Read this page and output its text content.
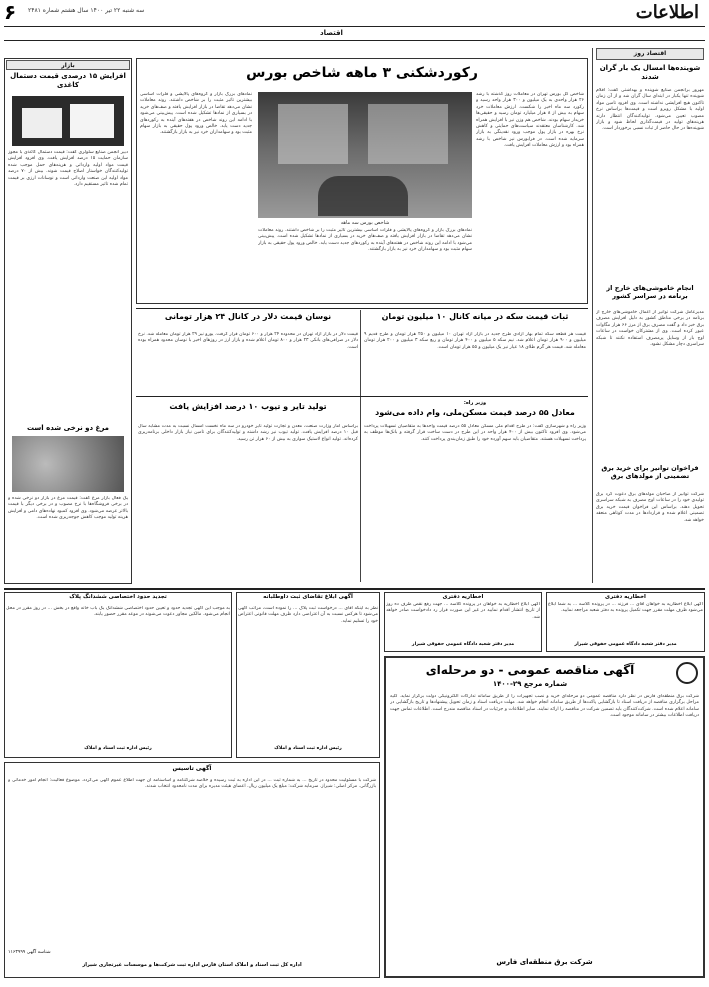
۶ سه شنبه ۲۲ تیر ۱۴۰۰ سال هشتم شماره ۲۴۸۱
اقتصاد
اطلاعات
اقتصاد روز
شوینده‌ها امسال یک بار گران شدند
مهرور برانجمن صنایع شوینده و بهداشتی گفت: اقلام شوینده تنها یکبار در ابتدای سال گران شد و از آن زمان تاکنون هیچ افزایشی نداشته است. وی افزود تامین مواد اولیه با مشکل روبرو است و قیمت‌ها براساس نرخ مصوب تعیین می‌شود. تولیدکنندگان انتظار دارند هزینه‌های تولید در قیمت‌گذاری لحاظ شود و بازار شوینده‌ها در حال حاضر از ثبات نسبی برخوردار است.
انجام خاموشی‌های خارج از برنامه در سراسر کشور
مدیرعامل شرکت توانیر از اعمال خاموشی‌های خارج از برنامه در برخی مناطق کشور به دلیل افزایش مصرف برق خبر داد و گفت مصرف برق از مرز ۶۶ هزار مگاوات عبور کرده است. وی از مشترکان خواست در ساعات اوج بار از وسایل پرمصرف استفاده نکنند تا شبکه سراسری دچار مشکل نشود.
فراخوان توانیر برای خرید برق تضمینی از مولدهای برق
شرکت توانیر از صاحبان مولدهای برق دعوت کرد برق تولیدی خود را در ساعات اوج مصرف به شبکه سراسری تحویل دهند. براساس این فراخوان قیمت خرید برق تضمینی اعلام شده و قراردادها در مدت کوتاهی منعقد خواهد شد.
رکوردشکنی ۳ ماهه شاخص بورس
شاخص کل بورس تهران در معاملات روز گذشته با رشد ۲۶ هزار واحدی به یک میلیون و ۳۰۰ هزار واحد رسید و رکورد سه ماه اخیر را شکست. ارزش معاملات خرد سهام به بیش از ۸ هزار میلیارد تومان رسید و حقیقی‌ها خریدار سهام بودند. شاخص هم وزن نیز با افزایش همراه شد. کارشناسان معتقدند سیاست‌های حمایتی و کاهش نرخ بهره در بازار پول موجب ورود نقدینگی به بازار سرمایه شده است. در فرابورس نیز شاخص با رشد همراه بود و ارزش معاملات افزایش یافت.
شاخص بورس سه ماهه
نمادهای بزرگ بازار و گروه‌های پالایشی و فلزات اساسی بیشترین تاثیر مثبت را بر شاخص داشتند. روند معاملات نشان می‌دهد تقاضا در بازار افزایش یافته و صف‌های خرید در بسیاری از نمادها تشکیل شده است. پیش‌بینی می‌شود با ادامه این روند شاخص در هفته‌های آینده به رکوردهای جدید دست یابد. خالص ورود پول حقیقی به بازار سهام مثبت بود و سهامداران خرد نیز به بازار بازگشتند.
نمادهای بزرگ بازار و گروه‌های پالایشی و فلزات اساسی بیشترین تاثیر مثبت را بر شاخص داشتند. روند معاملات نشان می‌دهد تقاضا در بازار افزایش یافته و صف‌های خرید در بسیاری از نمادها تشکیل شده است. پیش‌بینی می‌شود با ادامه این روند شاخص در هفته‌های آینده به رکوردهای جدید دست یابد. خالص ورود پول حقیقی به بازار سهام مثبت بود و سهامداران خرد نیز به بازار بازگشتند.
بازار
افزایش ۱۵ درصدی قیمت دستمال کاغذی
دبیر انجمن صنایع سلولزی گفت: قیمت دستمال کاغذی با مجوز سازمان حمایت ۱۵ درصد افزایش یافت. وی افزود افزایش قیمت مواد اولیه وارداتی و هزینه‌های حمل موجب شده تولیدکنندگان خواستار اصلاح قیمت شوند. بیش از ۷۰ درصد مواد اولیه این صنعت وارداتی است و نوسانات ارزی بر قیمت تمام شده تاثیر مستقیم دارد.
مرغ دو نرخی شده است
یک فعال بازار مرغ گفت: قیمت مرغ در بازار دو نرخی شده و در برخی فروشگاه‌ها با نرخ مصوب و در برخی دیگر با قیمت بالاتر عرضه می‌شود. وی افزود کمبود نهاده‌های دامی و افزایش هزینه تولید موجب کاهش جوجه‌ریزی شده است.
ثبات قیمت سکه در میانه کانال ۱۰ میلیون تومان
قیمت هر قطعه سکه تمام بهار آزادی طرح جدید در بازار آزاد تهران ۱۰ میلیون و ۲۵۰ هزار تومان و طرح قدیم ۹ میلیون و ۹۰۰ هزار تومان اعلام شد. نیم سکه ۵ میلیون و ۴۰۰ هزار تومان و ربع سکه ۳ میلیون و ۲۰۰ هزار تومان معامله شد. قیمت هر گرم طلای ۱۸ عیار نیز یک میلیون و ۵۵ هزار تومان است.
نوسان قیمت دلار در کانال ۲۴ هزار تومانی
قیمت دلار در بازار آزاد تهران در محدوده ۲۴ هزار و ۶۰۰ تومان قرار گرفت. یورو نیز ۲۹ هزار تومان معامله شد. نرخ دلار در صرافی‌های بانکی ۲۳ هزار و ۸۰۰ تومان اعلام شده و بازار ارز در روزهای اخیر با نوسان محدود همراه بوده است.
وزیر راه:
معادل ۵۵ درصد قیمت مسکن‌ملی، وام داده می‌شود
وزیر راه و شهرسازی گفت: در طرح اقدام ملی مسکن معادل ۵۵ درصد قیمت واحدها به متقاضیان تسهیلات پرداخت می‌شود. وی افزود تاکنون بیش از ۴۰۰ هزار واحد در این طرح در دست ساخت قرار گرفته و بانک‌ها موظف به پرداخت تسهیلات هستند. متقاضیان باید سهم آورده خود را طبق زمان‌بندی پرداخت کنند.
تولید تایر و تیوب ۱۰ درصد افزایش یافت
براساس آمار وزارت صنعت، معدن و تجارت تولید تایر خودرو در سه ماه نخست امسال نسبت به مدت مشابه سال قبل ۱۰ درصد افزایش یافت. تولید تیوب نیز رشد داشته و تولیدکنندگان برای تامین نیاز بازار داخلی برنامه‌ریزی کرده‌اند. تولید انواع لاستیک سواری به بیش از ۶۰ هزار تن رسید.
اخطاریه دفتری
آگهی ابلاغ اخطاریه به خواهان آقای ... فرزند ... در پرونده کلاسه ... به شما ابلاغ می‌شود ظرف مهلت مقرر جهت تکمیل پرونده به دفتر شعبه مراجعه نمایید.
مدیر دفتر شعبه دادگاه عمومی حقوقی شیراز
اخطاریه دفتری
آگهی ابلاغ اخطاریه به خواهان در پرونده کلاسه ... جهت رفع نقص ظرف ده روز از تاریخ انتشار اقدام نمایید در غیر این صورت قرار رد دادخواست صادر خواهد شد.
مدیر دفتر شعبه دادگاه عمومی حقوقی شیراز
آگهی ابلاغ تقاضای ثبت داوطلبانه
نظر به اینکه آقای ... درخواست ثبت پلاک ... را نموده است، مراتب آگهی می‌شود تا هرکس نسبت به آن اعتراضی دارد ظرف مهلت قانونی اعتراض خود را تسلیم نماید.
رئیس اداره ثبت اسناد و املاک
تجدید حدود اختصاصی ششدانگ پلاک
به موجب این آگهی تجدید حدود و تعیین حدود اختصاصی ششدانگ یک باب خانه واقع در بخش ... در روز مقرر در محل انجام می‌شود. مالکین مجاور دعوت می‌شوند در موعد مقرر حضور یابند.
رئیس اداره ثبت اسناد و املاک
آگهی مناقصه عمومی - دو مرحله‌ای
شماره مرجع ۲۹-۱۴۰۰
شرکت برق منطقه‌ای فارس در نظر دارد مناقصه عمومی دو مرحله‌ای خرید و نصب تجهیزات را از طریق سامانه تدارکات الکترونیکی دولت برگزار نماید. کلیه مراحل برگزاری مناقصه از دریافت اسناد تا بازگشایی پاکت‌ها از طریق سامانه انجام خواهد شد. مهلت دریافت اسناد و زمان تحویل پیشنهادها و تاریخ بازگشایی در سامانه اعلام شده است. شرکت‌کنندگان باید تضمین شرکت در مناقصه را ارائه نمایند. سایر اطلاعات و جزئیات در اسناد مناقصه مندرج است. اطلاعات تماس جهت دریافت اطلاعات بیشتر در سامانه موجود است.
شرکت برق منطقه‌ای فارس
آگهی تاسیس
شرکت با مسئولیت محدود در تاریخ ... به شماره ثبت ... در این اداره به ثبت رسیده و خلاصه شرکتنامه و اساسنامه آن جهت اطلاع عموم آگهی می‌گردد. موضوع فعالیت: انجام امور خدماتی و بازرگانی. مرکز اصلی: شیراز. سرمایه شرکت: مبلغ یک میلیون ریال. اعضای هیئت مدیره برای مدت نامحدود انتخاب شدند.
شناسه آگهی ۱۱۶۳۹۹۹
اداره کل ثبت اسناد و املاک استان فارس اداره ثبت شرکت‌ها و موسسات غیرتجاری شیراز
